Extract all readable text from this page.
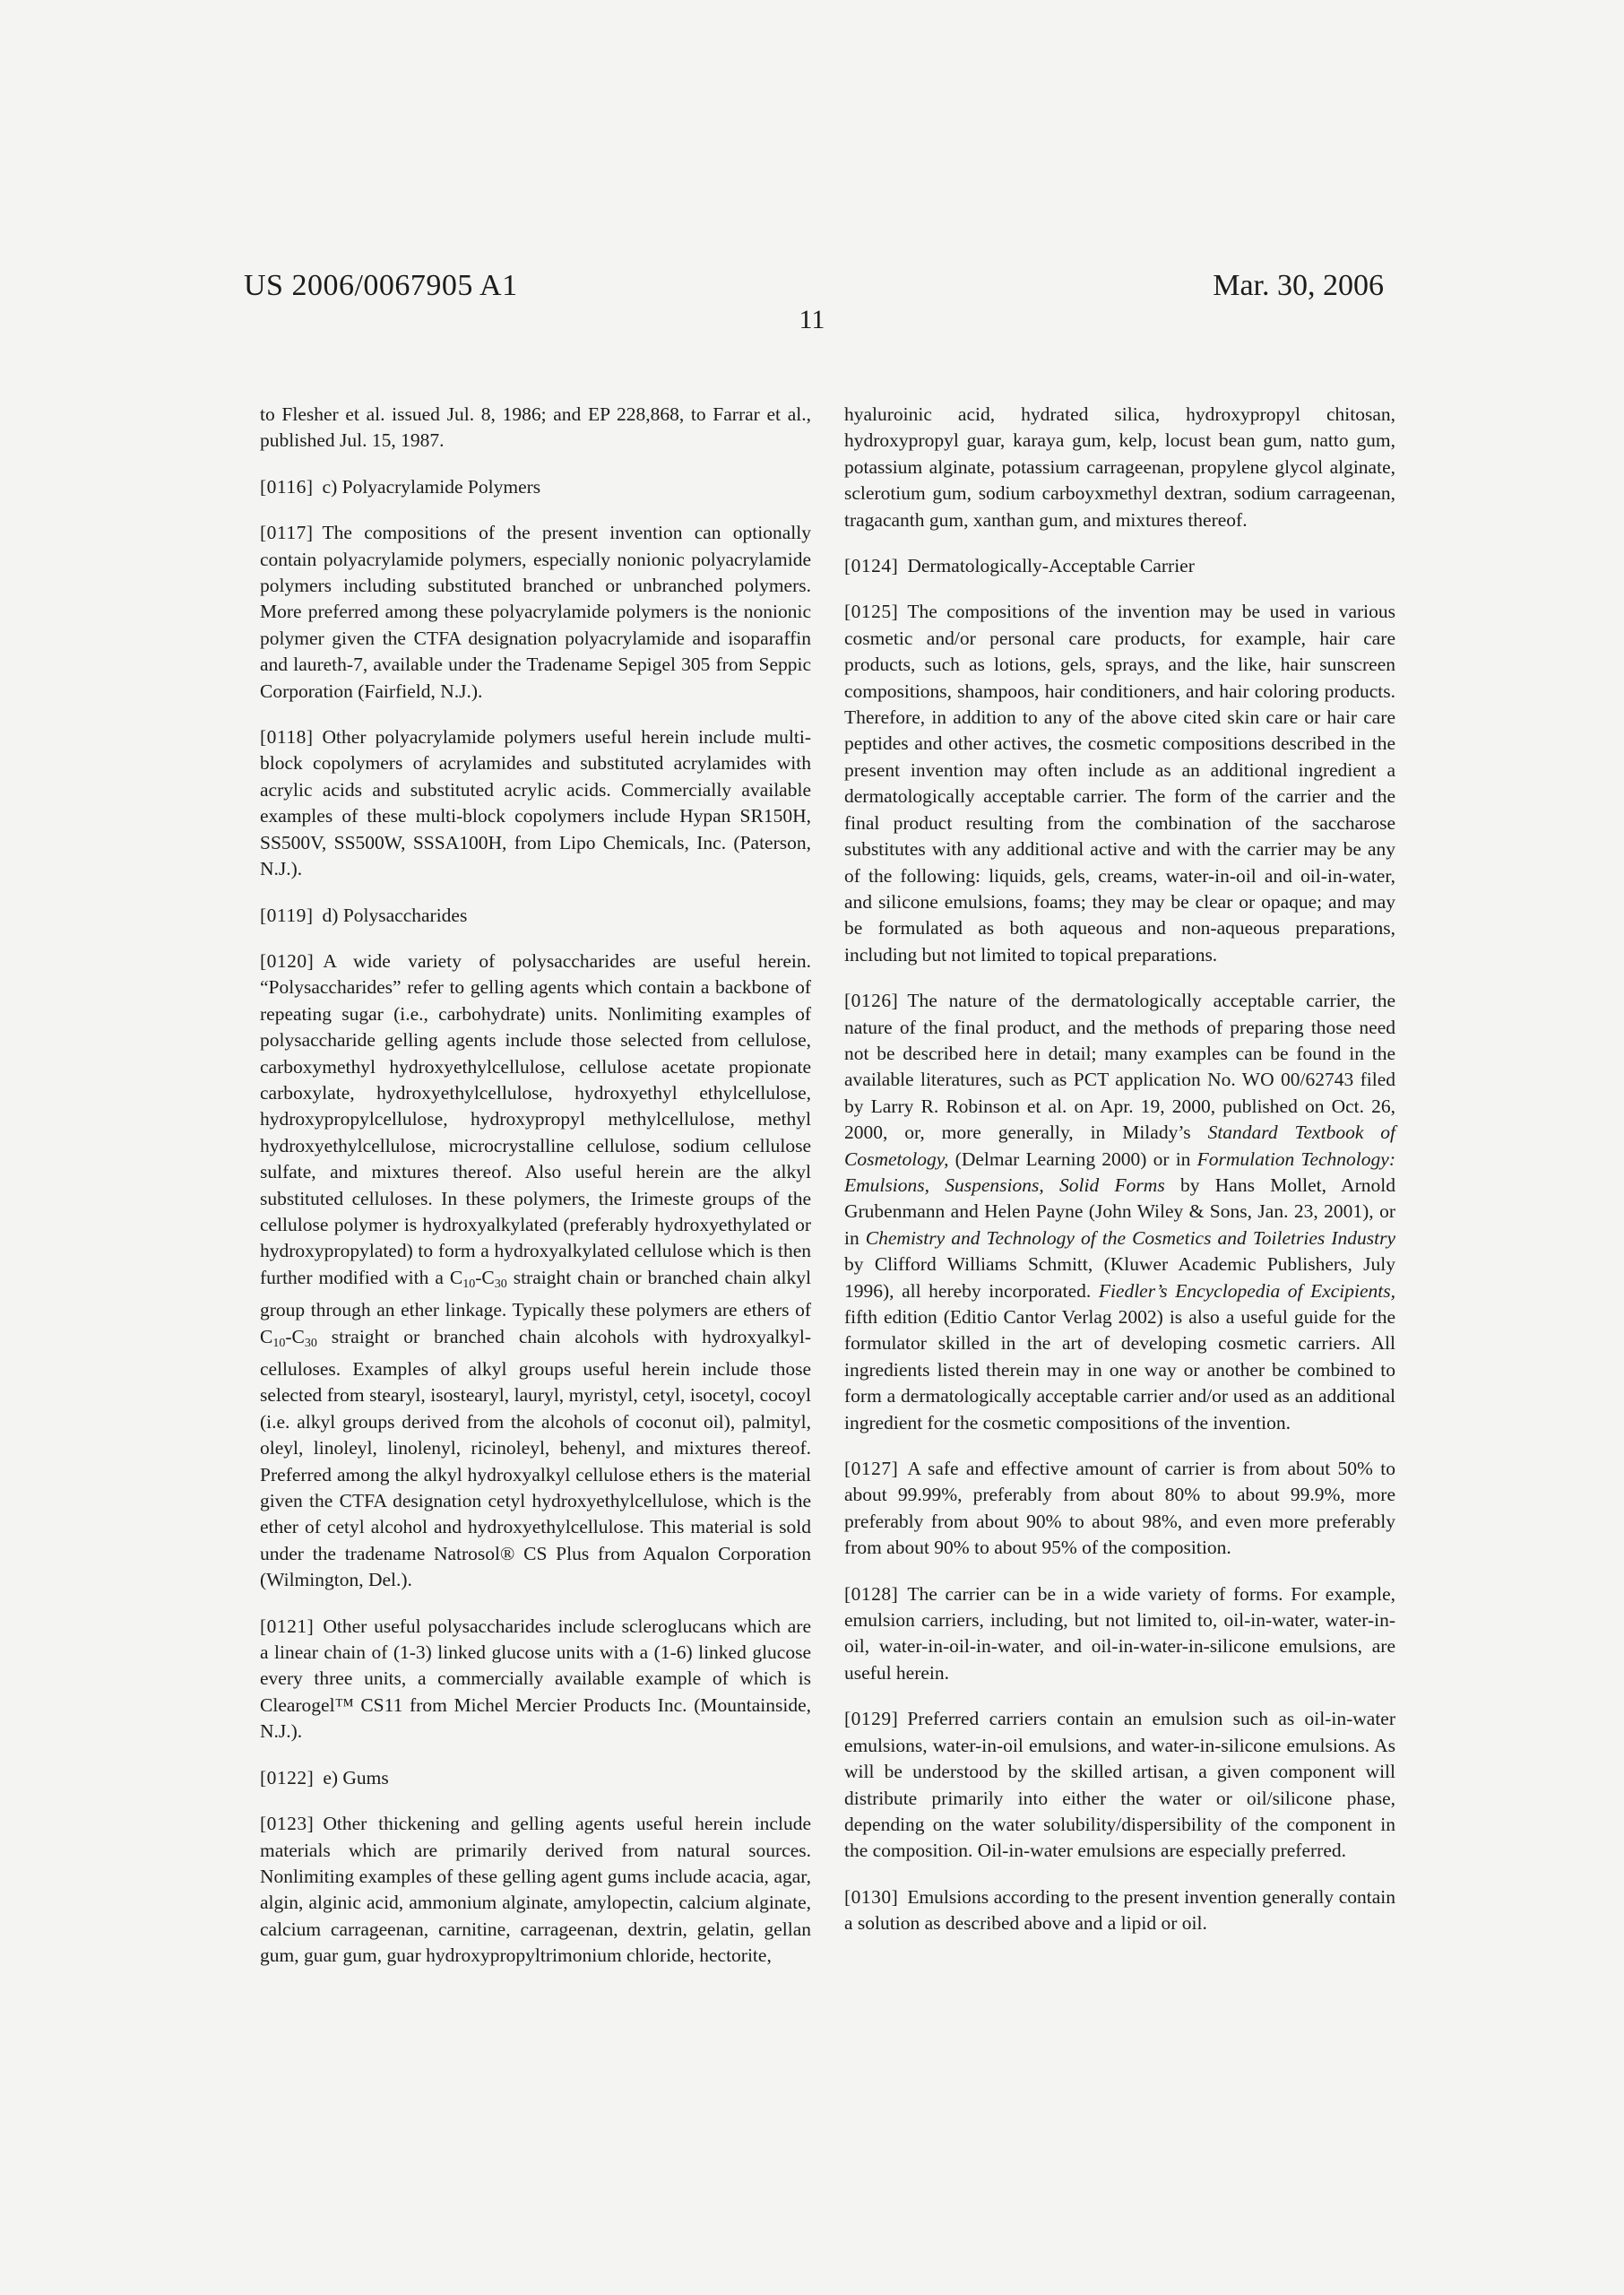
US 2006/0067905 A1	Mar. 30, 2006
11

to Flesher et al. issued Jul. 8, 1986; and EP 228,868, to Farrar et al., published Jul. 15, 1987.

[0116] c) Polyacrylamide Polymers

[0117] The compositions of the present invention can optionally contain polyacrylamide polymers, especially nonionic polyacrylamide polymers including substituted branched or unbranched polymers. More preferred among these polyacrylamide polymers is the nonionic polymer given the CTFA designation polyacrylamide and isoparaffin and laureth-7, available under the Tradename Sepigel 305 from Seppic Corporation (Fairfield, N.J.).

[0118] Other polyacrylamide polymers useful herein include multi-block copolymers of acrylamides and substituted acrylamides with acrylic acids and substituted acrylic acids. Commercially available examples of these multi-block copolymers include Hypan SR150H, SS500V, SS500W, SSSA100H, from Lipo Chemicals, Inc. (Paterson, N.J.).

[0119] d) Polysaccharides

[0120] A wide variety of polysaccharides are useful herein. “Polysaccharides” refer to gelling agents which contain a backbone of repeating sugar (i.e., carbohydrate) units. Nonlimiting examples of polysaccharide gelling agents include those selected from cellulose, carboxymethyl hydroxyethylcellulose, cellulose acetate propionate carboxylate, hydroxyethylcellulose, hydroxyethyl ethylcellulose, hydroxypropylcellulose, hydroxypropyl methylcellulose, methyl hydroxyethylcellulose, microcrystalline cellulose, sodium cellulose sulfate, and mixtures thereof. Also useful herein are the alkyl substituted celluloses. In these polymers, the Irimeste groups of the cellulose polymer is hydroxyalkylated (preferably hydroxyethylated or hydroxypropylated) to form a hydroxyalkylated cellulose which is then further modified with a $C_{10}-C_{30}$ straight chain or branched chain alkyl group through an ether linkage. Typically these polymers are ethers of $C_{10}-C_{30}$ straight or branched chain alcohols with hydroxyalkyl-celluloses. Examples of alkyl groups useful herein include those selected from stearyl, isostearyl, lauryl, myristyl, cetyl, isocetyl, cocoyl (i.e. alkyl groups derived from the alcohols of coconut oil), palmityl, oleyl, linoleyl, linolenyl, ricinoleyl, behenyl, and mixtures thereof. Preferred among the alkyl hydroxyalkyl cellulose ethers is the material given the CTFA designation cetyl hydroxyethylcellulose, which is the ether of cetyl alcohol and hydroxyethylcellulose. This material is sold under the tradename Natrosol® CS Plus from Aqualon Corporation (Wilmington, Del.).

[0121] Other useful polysaccharides include scleroglucans which are a linear chain of (1-3) linked glucose units with a (1-6) linked glucose every three units, a commercially available example of which is Clearogel™ CS11 from Michel Mercier Products Inc. (Mountainside, N.J.).

[0122] e) Gums

[0123] Other thickening and gelling agents useful herein include materials which are primarily derived from natural sources. Nonlimiting examples of these gelling agent gums include acacia, agar, algin, alginic acid, ammonium alginate, amylopectin, calcium alginate, calcium carrageenan, carnitine, carrageenan, dextrin, gelatin, gellan gum, guar gum, guar hydroxypropyltrimonium chloride, hectorite,

hyaluroinic acid, hydrated silica, hydroxypropyl chitosan, hydroxypropyl guar, karaya gum, kelp, locust bean gum, natto gum, potassium alginate, potassium carrageenan, propylene glycol alginate, sclerotium gum, sodium carboyxmethyl dextran, sodium carrageenan, tragacanth gum, xanthan gum, and mixtures thereof.

[0124] Dermatologically-Acceptable Carrier

[0125] The compositions of the invention may be used in various cosmetic and/or personal care products, for example, hair care products, such as lotions, gels, sprays, and the like, hair sunscreen compositions, shampoos, hair conditioners, and hair coloring products. Therefore, in addition to any of the above cited skin care or hair care peptides and other actives, the cosmetic compositions described in the present invention may often include as an additional ingredient a dermatologically acceptable carrier. The form of the carrier and the final product resulting from the combination of the saccharose substitutes with any additional active and with the carrier may be any of the following: liquids, gels, creams, water-in-oil and oil-in-water, and silicone emulsions, foams; they may be clear or opaque; and may be formulated as both aqueous and non-aqueous preparations, including but not limited to topical preparations.

[0126] The nature of the dermatologically acceptable carrier, the nature of the final product, and the methods of preparing those need not be described here in detail; many examples can be found in the available literatures, such as PCT application No. WO 00/62743 filed by Larry R. Robinson et al. on Apr. 19, 2000, published on Oct. 26, 2000, or, more generally, in Milady’s Standard Textbook of Cosmetology, (Delmar Learning 2000) or in Formulation Technology: Emulsions, Suspensions, Solid Forms by Hans Mollet, Arnold Grubenmann and Helen Payne (John Wiley & Sons, Jan. 23, 2001), or in Chemistry and Technology of the Cosmetics and Toiletries Industry by Clifford Williams Schmitt, (Kluwer Academic Publishers, July 1996), all hereby incorporated. Fiedler’s Encyclopedia of Excipients, fifth edition (Editio Cantor Verlag 2002) is also a useful guide for the formulator skilled in the art of developing cosmetic carriers. All ingredients listed therein may in one way or another be combined to form a dermatologically acceptable carrier and/or used as an additional ingredient for the cosmetic compositions of the invention.

[0127] A safe and effective amount of carrier is from about 50% to about 99.99%, preferably from about 80% to about 99.9%, more preferably from about 90% to about 98%, and even more preferably from about 90% to about 95% of the composition.

[0128] The carrier can be in a wide variety of forms. For example, emulsion carriers, including, but not limited to, oil-in-water, water-in-oil, water-in-oil-in-water, and oil-in-water-in-silicone emulsions, are useful herein.

[0129] Preferred carriers contain an emulsion such as oil-in-water emulsions, water-in-oil emulsions, and water-in-silicone emulsions. As will be understood by the skilled artisan, a given component will distribute primarily into either the water or oil/silicone phase, depending on the water solubility/dispersibility of the component in the composition. Oil-in-water emulsions are especially preferred.

[0130] Emulsions according to the present invention generally contain a solution as described above and a lipid or oil.
